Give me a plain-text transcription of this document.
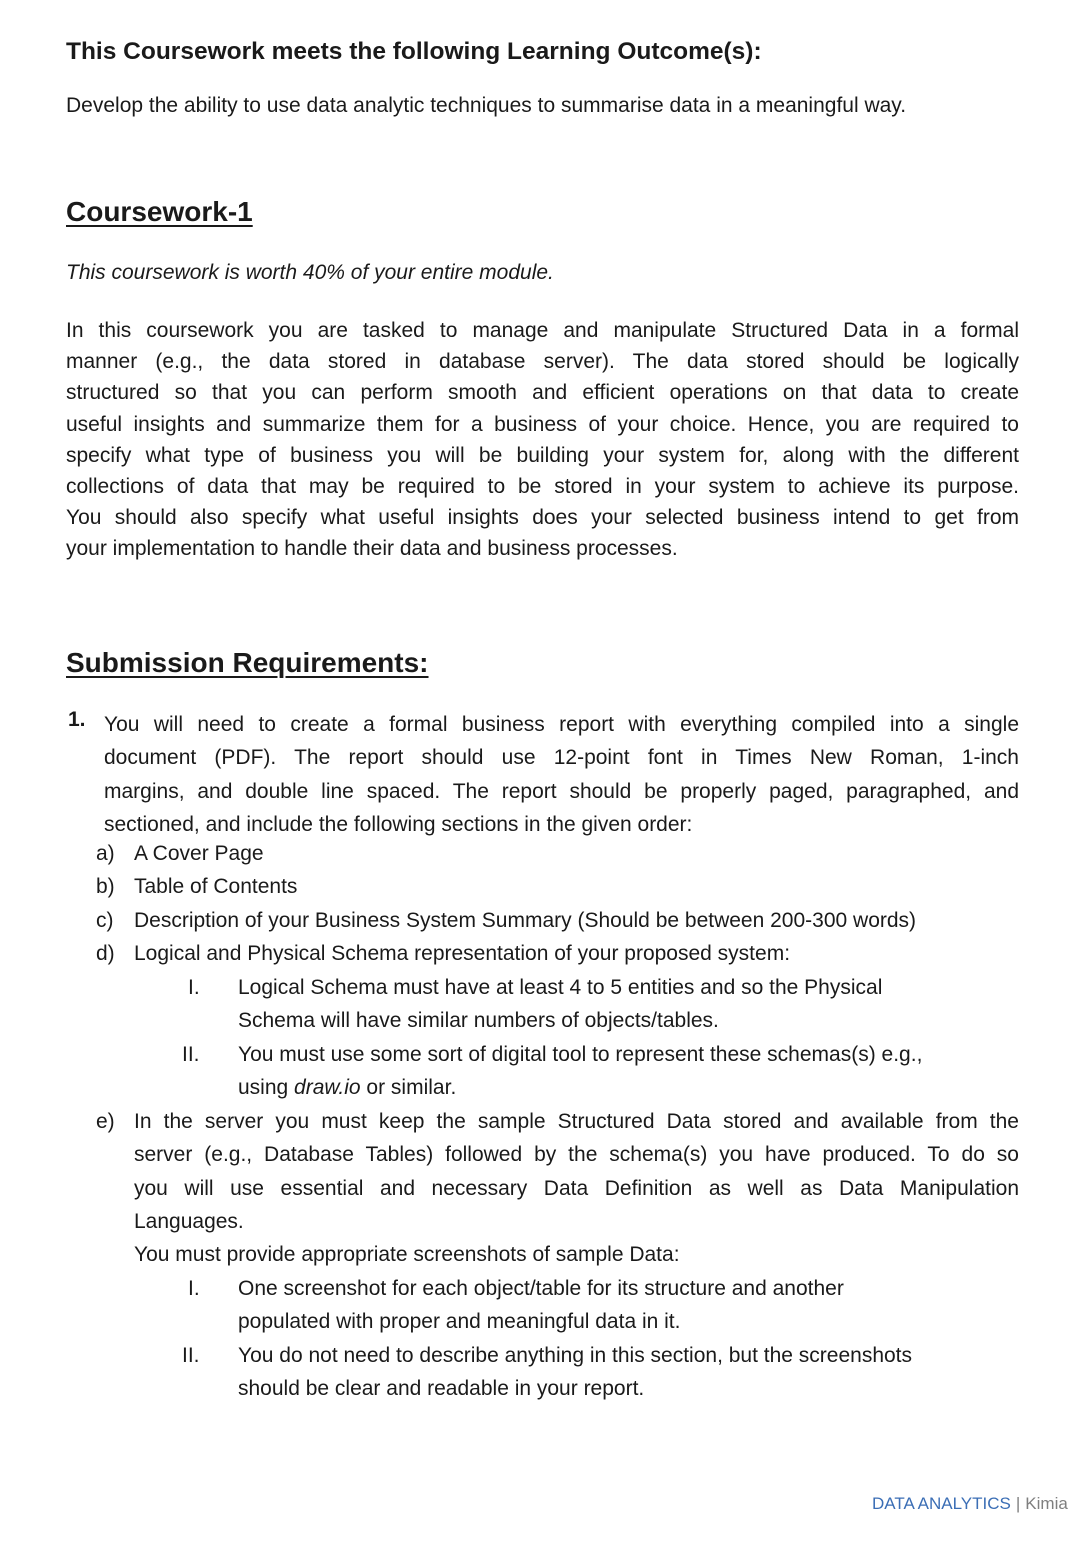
This Coursework meets the following Learning Outcome(s):

Develop the ability to use data analytic techniques to summarise data in a meaningful way.

Coursework-1

This coursework is worth 40% of your entire module.

In this coursework you are tasked to manage and manipulate Structured Data in a formal
manner (e.g., the data stored in database server). The data stored should be logically
structured so that you can perform smooth and efficient operations on that data to create
useful insights and summarize them for a business of your choice. Hence, you are required to
specify what type of business you will be building your system for, along with the different
collections of data that may be required to be stored in your system to achieve its purpose.
You should also specify what useful insights does your selected business intend to get from
your implementation to handle their data and business processes.
Submission Requirements:
1. You will need to create a formal business report with everything compiled into a single
document (PDF). The report should use 12-point font in Times New Roman, 1-inch
margins, and double line spaced. The report should be properly paged, paragraphed, and
sectioned, and include the following sections in the given order:
a) A Cover Page
b) Table of Contents
c) Description of your Business System Summary (Should be between 200-300 words)
d) Logical and Physical Schema representation of your proposed system:
I. Logical Schema must have at least 4 to 5 entities and so the Physical
Schema will have similar numbers of objects/tables.
II. You must use some sort of digital tool to represent these schemas(s) e.g.,
using draw.io or similar.
e) In the server you must keep the sample Structured Data stored and available from the
server (e.g., Database Tables) followed by the schema(s) you have produced. To do so
you will use essential and necessary Data Definition as well as Data Manipulation
Languages.
You must provide appropriate screenshots of sample Data:
I. One screenshot for each object/table for its structure and another
populated with proper and meaningful data in it.
II. You do not need to describe anything in this section, but the screenshots
should be clear and readable in your report.
DATA ANALYTICS | Kimia
